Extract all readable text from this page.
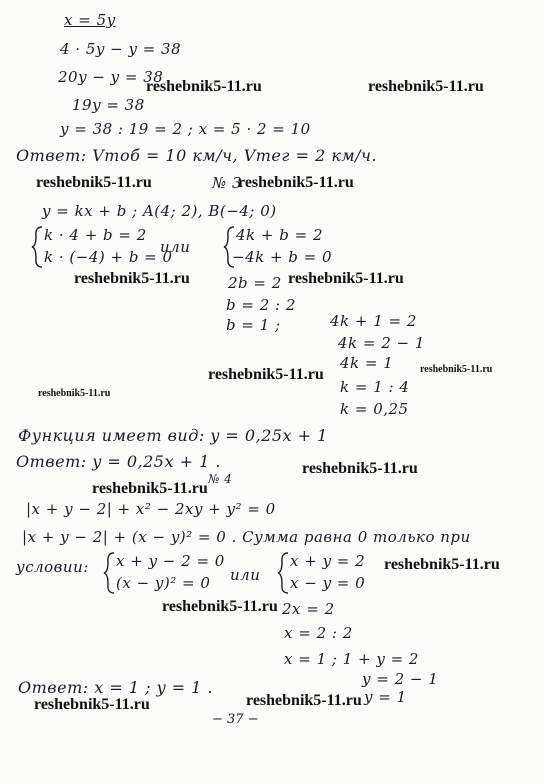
x = 5y
4 · 5y − y = 38
20y − y = 38
19y = 38
y = 38 : 19 = 2 ; x = 5 · 2 = 10
Ответ: Vтоб = 10 км/ч, Vтег = 2 км/ч.
№ 3
y = kx + b ; A(4; 2), B(−4; 0)
k · 4 + b = 2
k · (−4) + b = 0
или
4k + b = 2
−4k + b = 0
2b = 2
b = 2 : 2
b = 1 ;	4k + 1 = 2
4k = 2 − 1
4k = 1
k = 1 : 4
k = 0,25
Функция имеет вид: y = 0,25x + 1
Ответ: y = 0,25x + 1 .
№ 4
|x + y − 2| + x² − 2xy + y² = 0
|x + y − 2| + (x − y)² = 0 . Сумма равна 0 только при
условии: x + y − 2 = 0
(x − y)² = 0 или
x + y = 2
x − y = 0
2x = 2
x = 2 : 2
x = 1 ; 1 + y = 2
y = 2 − 1
y = 1
Ответ: x = 1 ; y = 1 .
− 37 −
reshebnik5-11.ru	reshebnik5-11.ru
reshebnik5-11.ru	reshebnik5-11.ru
reshebnik5-11.ru	reshebnik5-11.ru
reshebnik5-11.ru	reshebnik5-11.ru
reshebnik5-11.ru
reshebnik5-11.ru
reshebnik5-11.ru
reshebnik5-11.ru
reshebnik5-11.ru
reshebnik5-11.ru	reshebnik5-11.ru
